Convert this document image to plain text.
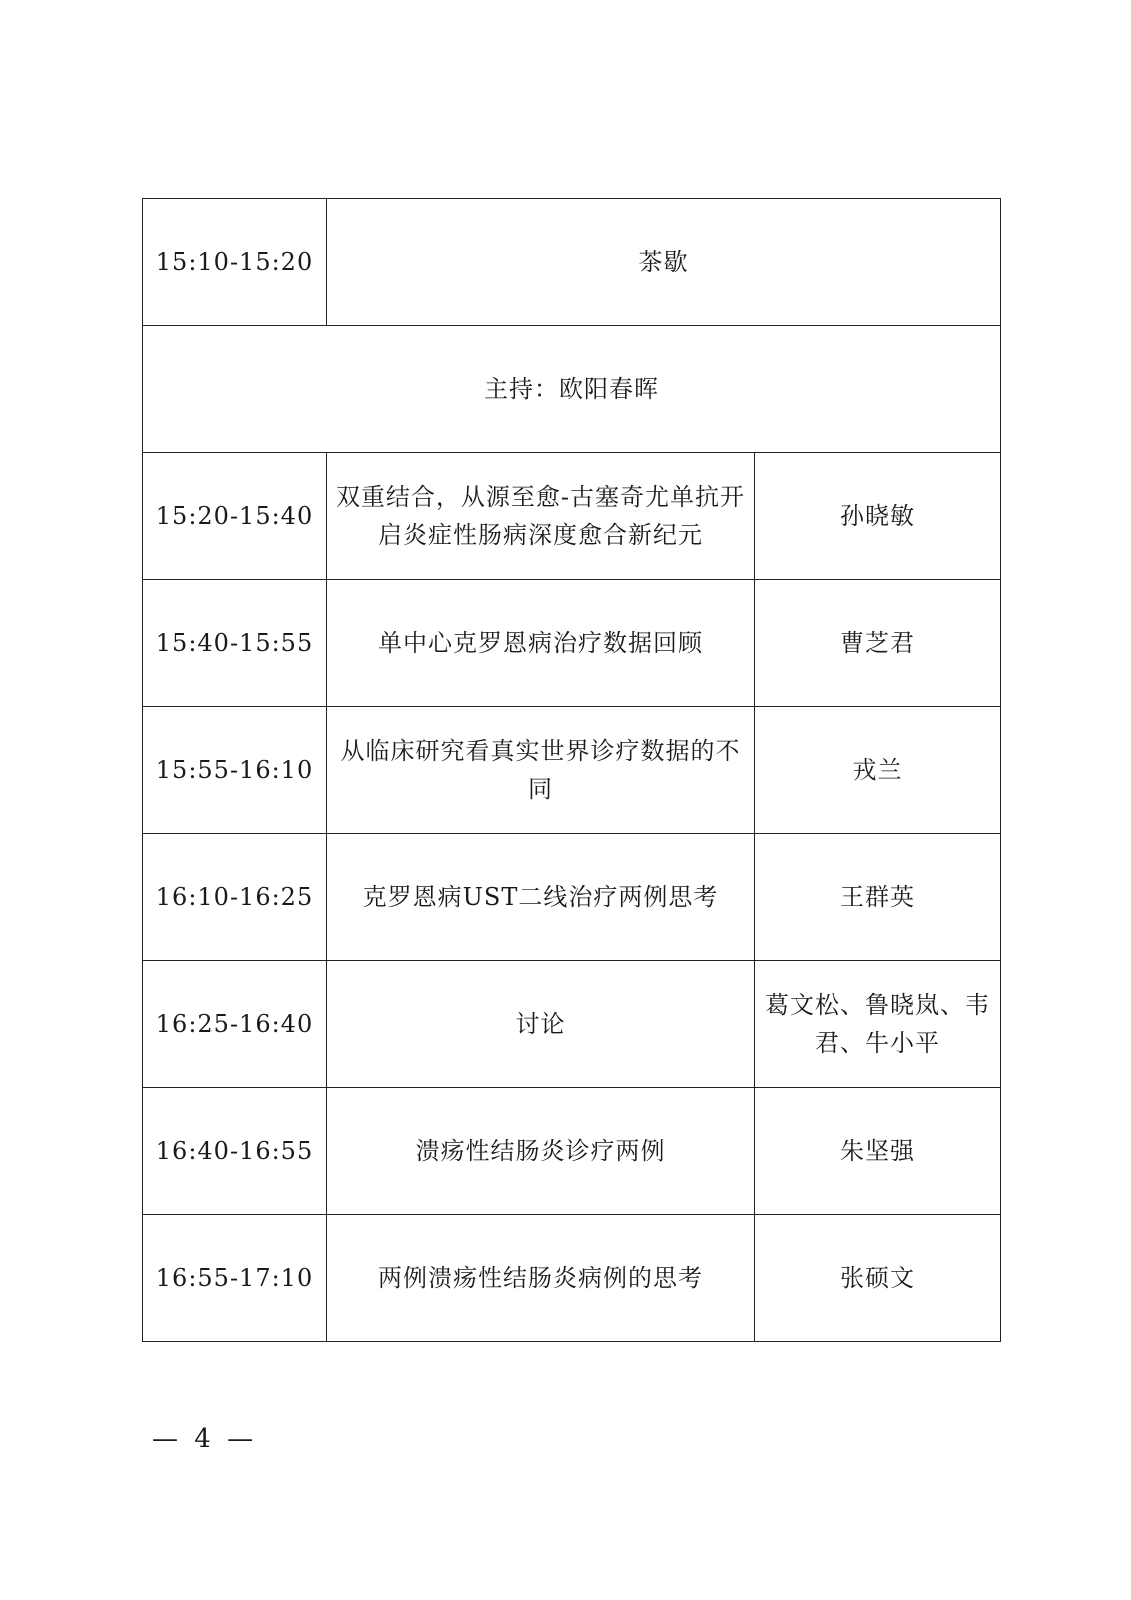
15:10-15:20	茶歇	
主持：欧阳春晖		
15:20-15:40	双重结合，从源至愈-古塞奇尤单抗开启炎症性肠病深度愈合新纪元	孙晓敏
15:40-15:55	单中心克罗恩病治疗数据回顾	曹芝君
15:55-16:10	从临床研究看真实世界诊疗数据的不同	戎兰
16:10-16:25	克罗恩病UST二线治疗两例思考	王群英
16:25-16:40	讨论	葛文松、鲁晓岚、韦君、牛小平
16:40-16:55	溃疡性结肠炎诊疗两例	朱坚强
16:55-17:10	两例溃疡性结肠炎病例的思考	张硕文
— 4 —
